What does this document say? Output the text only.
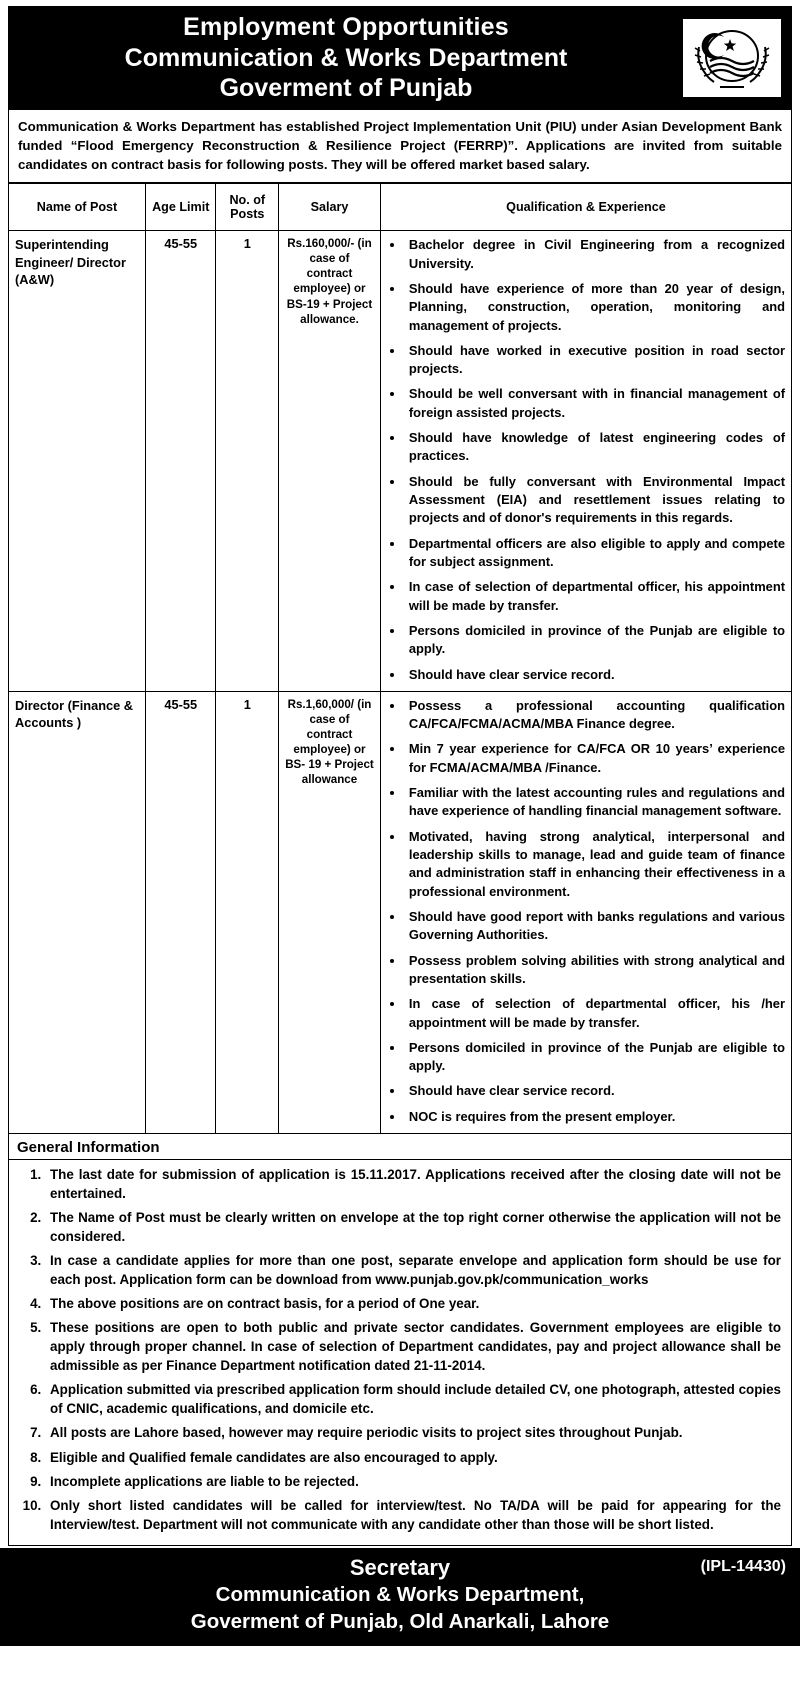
Employment Opportunities
Communication & Works Department
Goverment of Punjab
Communication & Works Department has established Project Implementation Unit (PIU) under Asian Development Bank funded “Flood Emergency Reconstruction & Resilience Project (FERRP)”. Applications are invited from suitable candidates on contract basis for following posts. They will be offered market based salary.
Name of Post	Age Limit	No. of Posts	Salary	Qualification & Experience
Superintending Engineer/ Director (A&W)	45-55	1	Rs.160,000/- (in case of contract employee) or BS-19 + Project allowance.	
• Bachelor degree in Civil Engineering from a recognized University.
• Should have experience of more than 20 year of design, Planning, construction, operation, monitoring and management of projects.
• Should have worked in executive position in road sector projects.
• Should be well conversant with in financial management of foreign assisted projects.
• Should have knowledge of latest engineering codes of practices.
• Should be fully conversant with Environmental Impact Assessment (EIA) and resettlement issues relating to projects and of donor's requirements in this regards.
• Departmental officers are also eligible to apply and compete for subject assignment.
• In case of selection of departmental officer, his appointment will be made by transfer.
• Persons domiciled in province of the Punjab are eligible to apply.
• Should have clear service record.

Director (Finance & Accounts )	45-55	1	Rs.1,60,000/ (in case of contract employee) or BS- 19 + Project allowance	
• Possess a professional accounting qualification CA/FCA/FCMA/ACMA/MBA Finance degree.
• Min 7 year experience for CA/FCA OR 10 years’ experience for FCMA/ACMA/MBA /Finance.
• Familiar with the latest accounting rules and regulations and have experience of handling financial management software.
• Motivated, having strong analytical, interpersonal and leadership skills to manage, lead and guide team of finance and administration staff in enhancing their effectiveness in a professional environment.
• Should have good report with banks regulations and various Governing Authorities.
• Possess problem solving abilities with strong analytical and presentation skills.
• In case of selection of departmental officer, his /her appointment will be made by transfer.
• Persons domiciled in province of the Punjab are eligible to apply.
• Should have clear service record.
• NOC is requires from the present employer.
General Information
1. The last date for submission of application is 15.11.2017. Applications received after the closing date will not be entertained.
2. The Name of Post must be clearly written on envelope at the top right corner otherwise the application will not be considered.
3. In case a candidate applies for more than one post, separate envelope and application form should be use for each post. Application form can be download from www.punjab.gov.pk/communication_works
4. The above positions are on contract basis, for a period of One year.
5. These positions are open to both public and private sector candidates. Government employees are eligible to apply through proper channel. In case of selection of Department candidates, pay and project allowance shall be admissible as per Finance Department notification dated 21-11-2014.
6. Application submitted via prescribed application form should include detailed CV, one photograph, attested copies of CNIC, academic qualifications, and domicile etc.
7. All posts are Lahore based, however may require periodic visits to project sites throughout Punjab.
8. Eligible and Qualified female candidates are also encouraged to apply.
9. Incomplete applications are liable to be rejected.
10. Only short listed candidates will be called for interview/test. No TA/DA will be paid for appearing for the Interview/test. Department will not communicate with any candidate other than those will be short listed.
(IPL-14430)
Secretary
Communication & Works Department,
Goverment of Punjab, Old Anarkali, Lahore
